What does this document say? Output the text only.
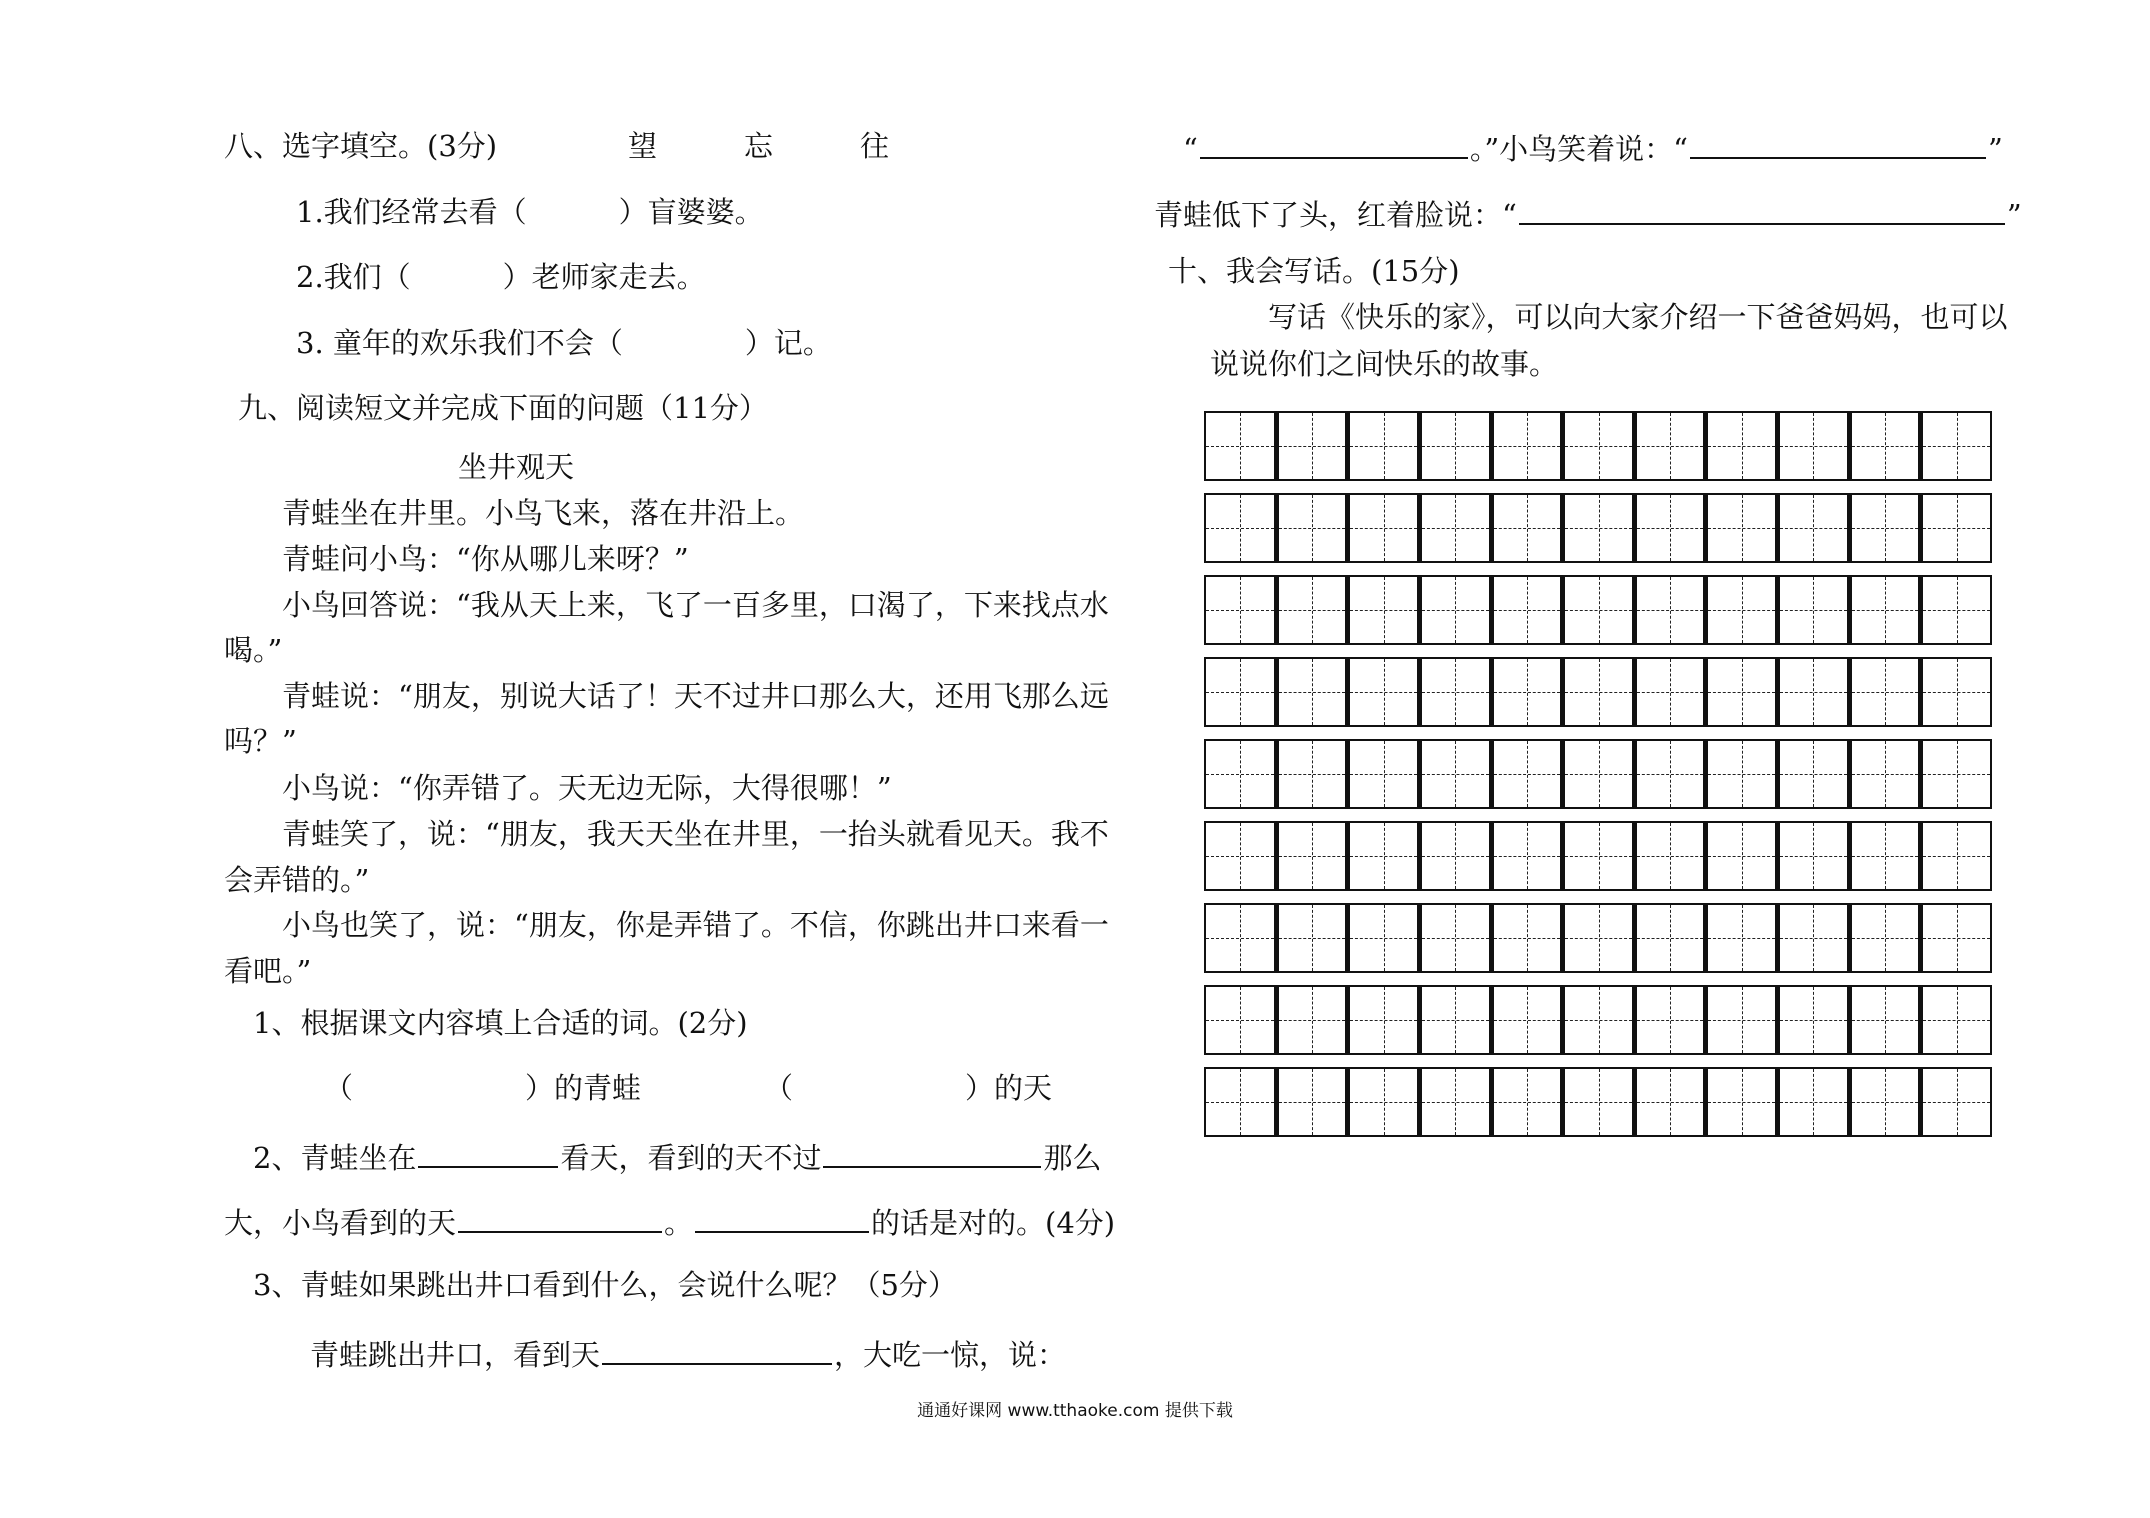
八、选字填空。(3分)	望	忘	往
1.我们经常去看（	）盲婆婆。
2.我们（	）老师家走去。
3. 童年的欢乐我们不会（	）记。
九、阅读短文并完成下面的问题（11分）
坐井观天
青蛙坐在井里。小鸟飞来，落在井沿上。
青蛙问小鸟：“你从哪儿来呀？”
小鸟回答说：“我从天上来，飞了一百多里，口渴了，下来找点水
喝。”
青蛙说：“朋友，别说大话了！天不过井口那么大，还用飞那么远
吗？”
小鸟说：“你弄错了。天无边无际，大得很哪！”
青蛙笑了，说：“朋友，我天天坐在井里，一抬头就看见天。我不
会弄错的。”
小鸟也笑了，说：“朋友，你是弄错了。不信，你跳出井口来看一
看吧。”
1、根据课文内容填上合适的词。(2分)
（	）的青蛙	（	）的天
2、青蛙坐在	看天，看到的天不过	那么
大，小鸟看到的天	。	的话是对的。(4分)
3、青蛙如果跳出井口看到什么，会说什么呢？（5分）
青蛙跳出井口，看到天	，大吃一惊，说：
“	。”小鸟笑着说：“	”
青蛙低下了头，红着脸说：“	”
十、我会写话。(15分)
写话《快乐的家》，可以向大家介绍一下爸爸妈妈，也可以
说说你们之间快乐的故事。
通通好课网 www.tthaoke.com 提供下载
